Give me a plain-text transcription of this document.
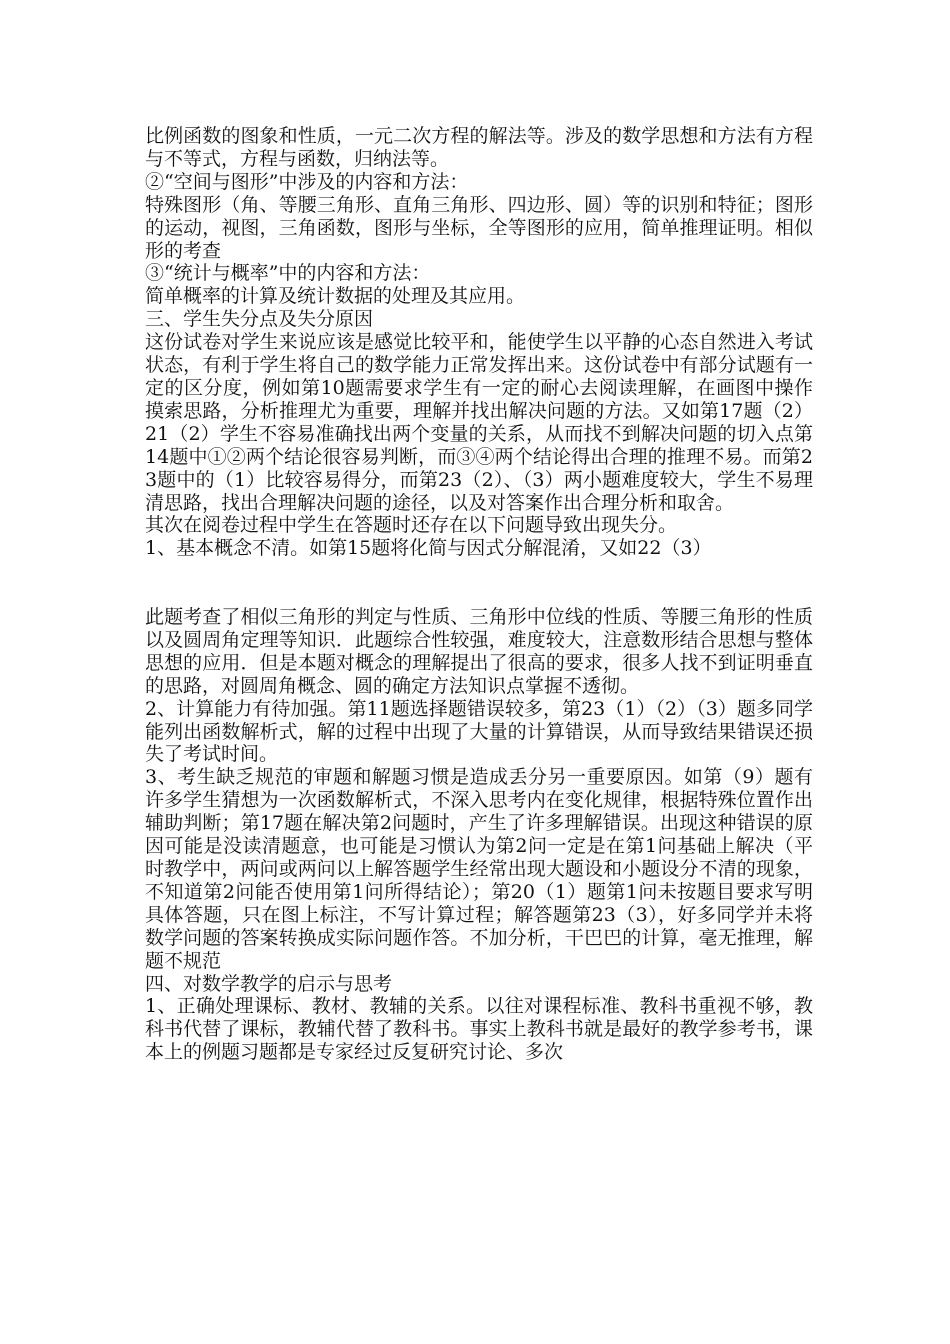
比例函数的图象和性质，一元二次方程的解法等。涉及的数学思想和方法有方程与不等式，方程与函数，归纳法等。

②“空间与图形”中涉及的内容和方法：

特殊图形（角、等腰三角形、直角三角形、四边形、圆）等的识别和特征；图形的运动，视图，三角函数，图形与坐标，全等图形的应用，简单推理证明。相似形的考查

③“统计与概率”中的内容和方法：

简单概率的计算及统计数据的处理及其应用。

三、学生失分点及失分原因

这份试卷对学生来说应该是感觉比较平和，能使学生以平静的心态自然进入考试状态，有利于学生将自己的数学能力正常发挥出来。这份试卷中有部分试题有一定的区分度，例如第10题需要求学生有一定的耐心去阅读理解，在画图中操作摸索思路，分析推理尤为重要，理解并找出解决问题的方法。又如第17题（2）21（2）学生不容易准确找出两个变量的关系，从而找不到解决问题的切入点第14题中①②两个结论很容易判断，而③④两个结论得出合理的推理不易。而第23题中的（1）比较容易得分，而第23（2）、（3）两小题难度较大，学生不易理清思路，找出合理解决问题的途径，以及对答案作出合理分析和取舍。

其次在阅卷过程中学生在答题时还存在以下问题导致出现失分。

1、基本概念不清。如第15题将化简与因式分解混淆，又如22（3）

此题考查了相似三角形的判定与性质、三角形中位线的性质、等腰三角形的性质以及圆周角定理等知识．此题综合性较强，难度较大，注意数形结合思想与整体思想的应用．但是本题对概念的理解提出了很高的要求，很多人找不到证明垂直的思路，对圆周角概念、圆的确定方法知识点掌握不透彻。

2、计算能力有待加强。第11题选择题错误较多，第23（1）（2）（3）题多同学能列出函数解析式，解的过程中出现了大量的计算错误，从而导致结果错误还损失了考试时间。

3、考生缺乏规范的审题和解题习惯是造成丢分另一重要原因。如第（9）题有许多学生猜想为一次函数解析式，不深入思考内在变化规律，根据特殊位置作出辅助判断；第17题在解决第2问题时，产生了许多理解错误。出现这种错误的原因可能是没读清题意，也可能是习惯认为第2问一定是在第1问基础上解决（平时教学中，两问或两问以上解答题学生经常出现大题设和小题设分不清的现象，不知道第2问能否使用第1问所得结论）；第20（1）题第1问未按题目要求写明具体答题，只在图上标注，不写计算过程；解答题第23（3），好多同学并未将数学问题的答案转换成实际问题作答。不加分析，干巴巴的计算，毫无推理，解题不规范

四、对数学教学的启示与思考

1、正确处理课标、教材、教辅的关系。以往对课程标准、教科书重视不够，教科书代替了课标，教辅代替了教科书。事实上教科书就是最好的教学参考书，课本上的例题习题都是专家经过反复研究讨论、多次
